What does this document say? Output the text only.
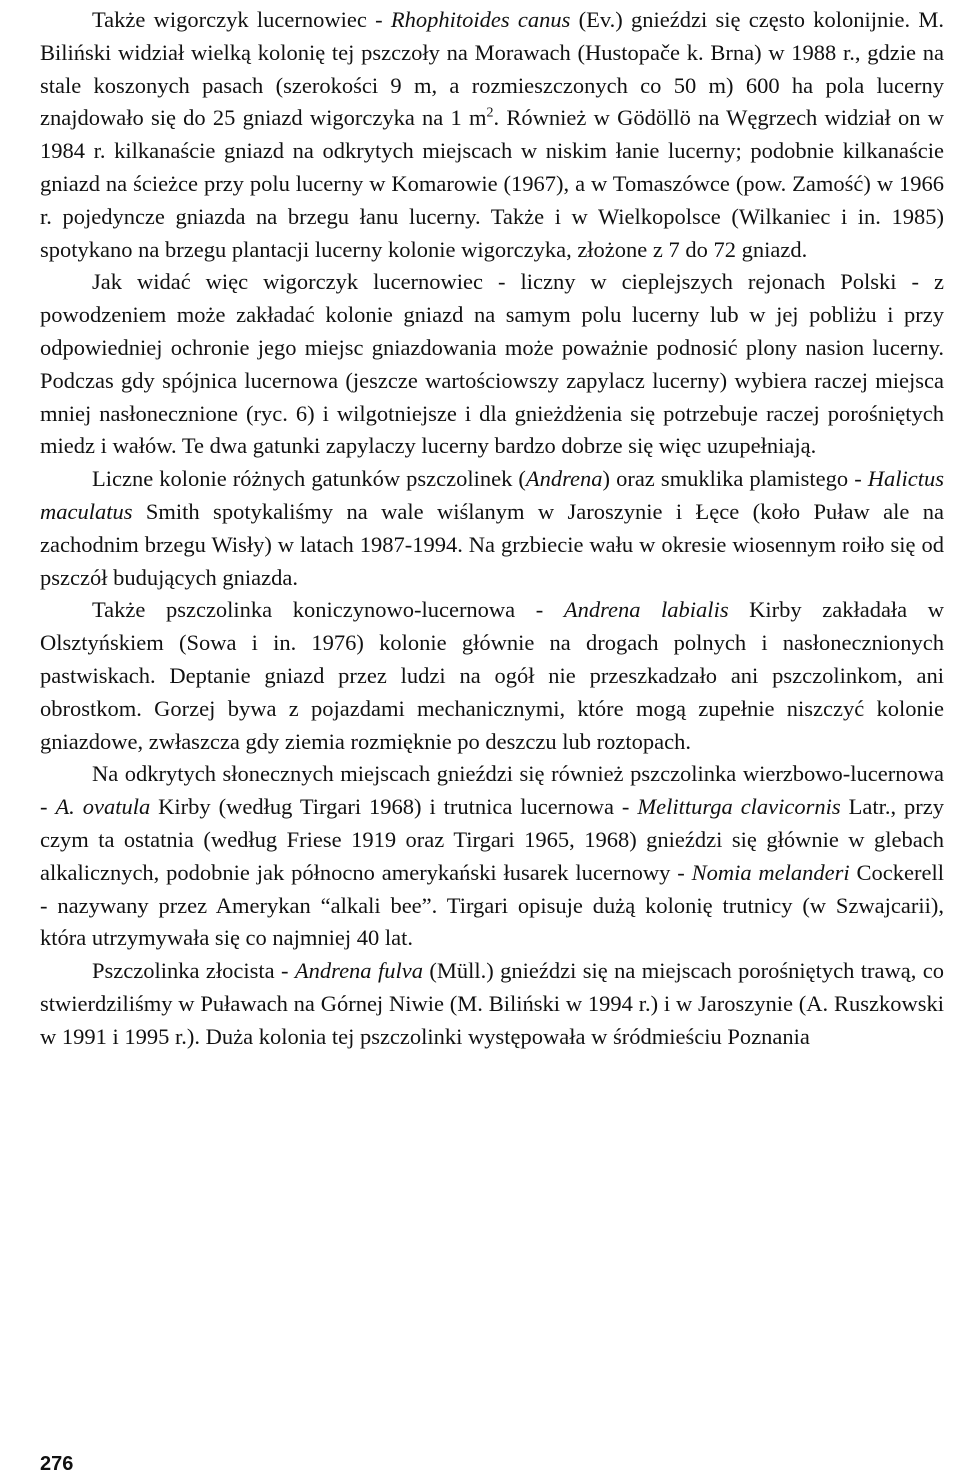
Także wigorczyk lucernowiec - Rhophitoides canus (Ev.) gnieździ się często kolonijnie. M. Biliński widział wielką kolonię tej pszczoły na Morawach (Hustopače k. Brna) w 1988 r., gdzie na stale koszonych pasach (szerokości 9 m, a rozmieszczonych co 50 m) 600 ha pola lucerny znajdowało się do 25 gniazd wigorczyka na 1 $m^2$. Również w Gödöllö na Węgrzech widział on w 1984 r. kilkanaście gniazd na odkrytych miejscach w niskim łanie lucerny; podobnie kilkanaście gniazd na ścieżce przy polu lucerny w Komarowie (1967), a w Tomaszówce (pow. Zamość) w 1966 r. pojedyncze gniazda na brzegu łanu lucerny. Także i w Wielkopolsce (Wilkaniec i in. 1985) spotykano na brzegu plantacji lucerny kolonie wigorczyka, złożone z 7 do 72 gniazd.

Jak widać więc wigorczyk lucernowiec - liczny w cieplejszych rejonach Polski - z powodzeniem może zakładać kolonie gniazd na samym polu lucerny lub w jej pobliżu i przy odpowiedniej ochronie jego miejsc gniazdowania może poważnie podnosić plony nasion lucerny. Podczas gdy spójnica lucernowa (jeszcze wartościowszy zapylacz lucerny) wybiera raczej miejsca mniej nasłonecznione (ryc. 6) i wilgotniejsze i dla gnieżdżenia się potrzebuje raczej porośniętych miedz i wałów. Te dwa gatunki zapylaczy lucerny bardzo dobrze się więc uzupełniają.

Liczne kolonie różnych gatunków pszczolinek (Andrena) oraz smuklika plamistego - Halictus maculatus Smith spotykaliśmy na wale wiślanym w Jaroszynie i Łęce (koło Puław ale na zachodnim brzegu Wisły) w latach 1987-1994. Na grzbiecie wału w okresie wiosennym roiło się od pszczół budujących gniazda.

Także pszczolinka koniczynowo-lucernowa - Andrena labialis Kirby zakładała w Olsztyńskiem (Sowa i in. 1976) kolonie głównie na drogach polnych i nasłonecznionych pastwiskach. Deptanie gniazd przez ludzi na ogół nie przeszkadzało ani pszczolinkom, ani obrostkom. Gorzej bywa z pojazdami mechanicznymi, które mogą zupełnie niszczyć kolonie gniazdowe, zwłaszcza gdy ziemia rozmięknie po deszczu lub roztopach.

Na odkrytych słonecznych miejscach gnieździ się również pszczolinka wierzbowo-lucernowa - A. ovatula Kirby (według Tirgari 1968) i trutnica lucernowa - Melitturga clavicornis Latr., przy czym ta ostatnia (według Friese 1919 oraz Tirgari 1965, 1968) gnieździ się głównie w glebach alkalicznych, podobnie jak północno amerykański łusarek lucernowy - Nomia melanderi Cockerell - nazywany przez Amerykan “alkali bee”. Tirgari opisuje dużą kolonię trutnicy (w Szwajcarii), która utrzymywała się co najmniej 40 lat.

Pszczolinka złocista - Andrena fulva (Müll.) gnieździ się na miejscach porośniętych trawą, co stwierdziliśmy w Puławach na Górnej Niwie (M. Biliński w 1994 r.) i w Jaroszynie (A. Ruszkowski w 1991 i 1995 r.). Duża kolonia tej pszczolinki występowała w śródmieściu Poznania

276
